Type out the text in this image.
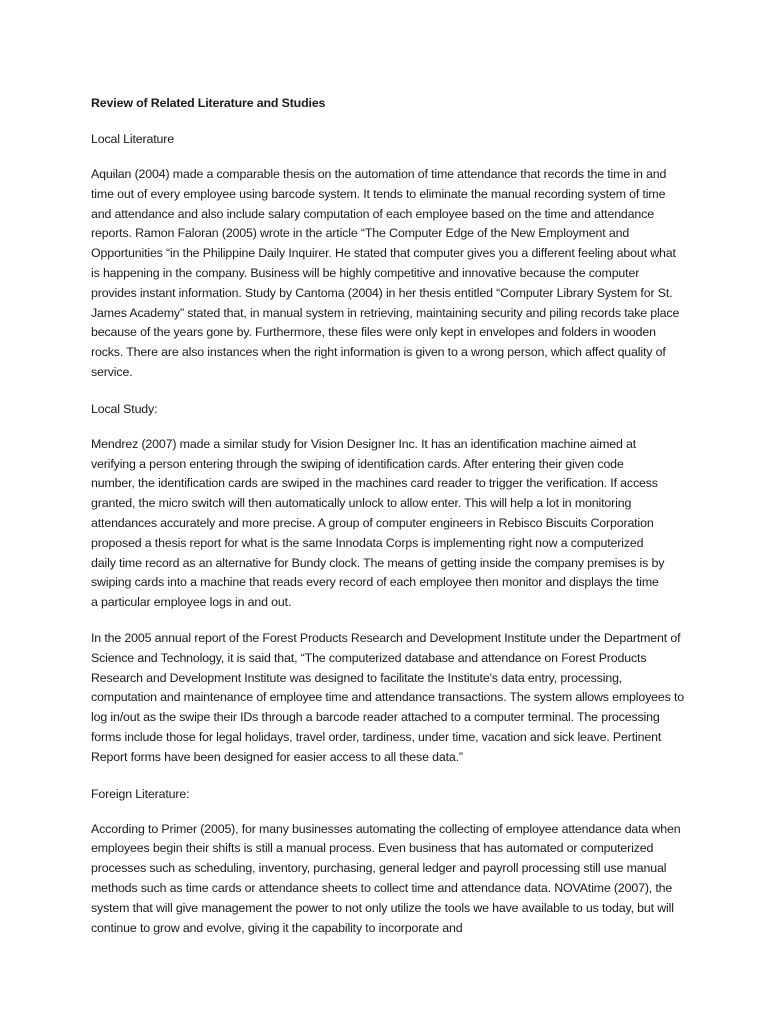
Review of Related Literature and Studies
Local Literature

Aquilan (2004) made a comparable thesis on the automation of time attendance that records the time in and time out of every employee using barcode system. It tends to eliminate the manual recording system of time and attendance and also include salary computation of each employee based on the time and attendance reports. Ramon Faloran (2005) wrote in the article “The Computer Edge of the New Employment and Opportunities “in the Philippine Daily Inquirer. He stated that computer gives you a different feeling about what is happening in the company. Business will be highly competitive and innovative because the computer provides instant information. Study by Cantoma (2004) in her thesis entitled “Computer Library System for St. James Academy” stated that, in manual system in retrieving, maintaining security and piling records take place because of the years gone by. Furthermore, these files were only kept in envelopes and folders in wooden rocks. There are also instances when the right information is given to a wrong person, which affect quality of service.

Local Study:

Mendrez (2007) made a similar study for Vision Designer Inc. It has an identification machine aimed at verifying a person entering through the swiping of identification cards. After entering their given code number, the identification cards are swiped in the machines card reader to trigger the verification. If access granted, the micro switch will then automatically unlock to allow enter. This will help a lot in monitoring attendances accurately and more precise. A group of computer engineers in Rebisco Biscuits Corporation proposed a thesis report for what is the same Innodata Corps is implementing right now a computerized daily time record as an alternative for Bundy clock. The means of getting inside the company premises is by swiping cards into a machine that reads every record of each employee then monitor and displays the time a particular employee logs in and out.

In the 2005 annual report of the Forest Products Research and Development Institute under the Department of Science and Technology, it is said that, “The computerized database and attendance on Forest Products Research and Development Institute was designed to facilitate the Institute's data entry, processing, computation and maintenance of employee time and attendance transactions. The system allows employees to log in/out as the swipe their IDs through a barcode reader attached to a computer terminal. The processing forms include those for legal holidays, travel order, tardiness, under time, vacation and sick leave. Pertinent Report forms have been designed for easier access to all these data.”

Foreign Literature:

According to Primer (2005), for many businesses automating the collecting of employee attendance data when employees begin their shifts is still a manual process. Even business that has automated or computerized processes such as scheduling, inventory, purchasing, general ledger and payroll processing still use manual methods such as time cards or attendance sheets to collect time and attendance data. NOVAtime (2007), the system that will give management the power to not only utilize the tools we have available to us today, but will continue to grow and evolve, giving it the capability to incorporate and
